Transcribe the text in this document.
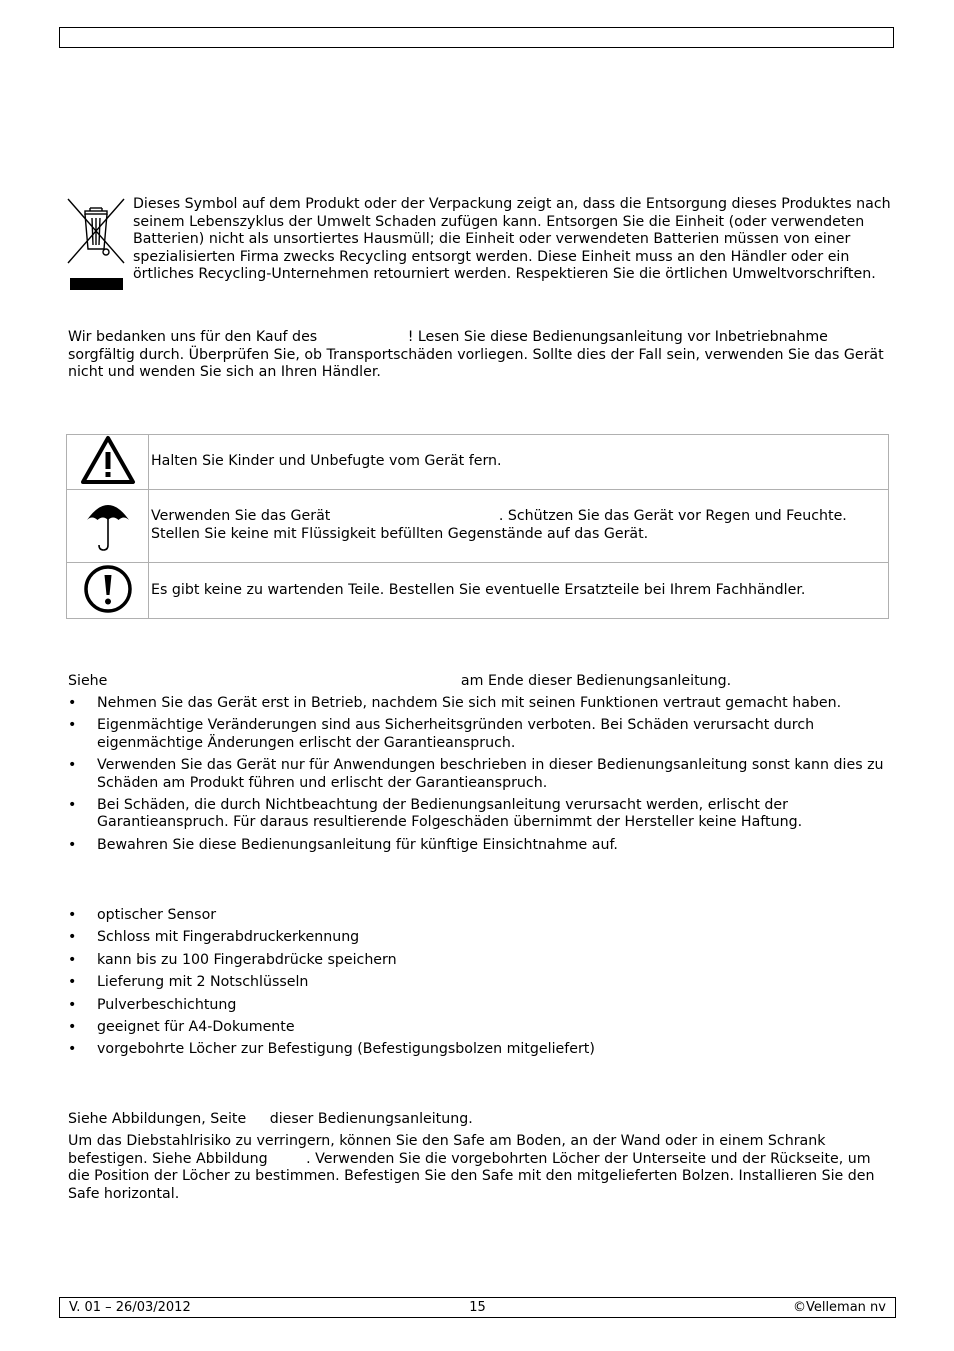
Dieses Symbol auf dem Produkt oder der Verpackung zeigt an, dass die Entsorgung dieses Produktes nach seinem Lebenszyklus der Umwelt Schaden zufügen kann. Entsorgen Sie die Einheit (oder verwendeten Batterien) nicht als unsortiertes Hausmüll; die Einheit oder verwendeten Batterien müssen von einer spezialisierten Firma zwecks Recycling entsorgt werden. Diese Einheit muss an den Händler oder ein örtliches Recycling-Unternehmen retourniert werden. Respektieren Sie die örtlichen Umweltvorschriften.

Wir bedanken uns für den Kauf des	! Lesen Sie diese Bedienungsanleitung vor Inbetriebnahme sorgfältig durch. Überprüfen Sie, ob Transportschäden vorliegen. Sollte dies der Fall sein, verwenden Sie das Gerät nicht und wenden Sie sich an Ihren Händler.

	Halten Sie Kinder und Unbefugte vom Gerät fern.
	Verwenden Sie das Gerät . Schützen Sie das Gerät vor Regen und Feuchte.
Stellen Sie keine mit Flüssigkeit befüllten Gegenstände auf das Gerät.
	Es gibt keine zu wartenden Teile. Bestellen Sie eventuelle Ersatzteile bei Ihrem Fachhändler.

Siehe	am Ende dieser Bedienungsanleitung.

• Nehmen Sie das Gerät erst in Betrieb, nachdem Sie sich mit seinen Funktionen vertraut gemacht haben.
• Eigenmächtige Veränderungen sind aus Sicherheitsgründen verboten. Bei Schäden verursacht durch eigenmächtige Änderungen erlischt der Garantieanspruch.
• Verwenden Sie das Gerät nur für Anwendungen beschrieben in dieser Bedienungsanleitung sonst kann dies zu Schäden am Produkt führen und erlischt der Garantieanspruch.
• Bei Schäden, die durch Nichtbeachtung der Bedienungsanleitung verursacht werden, erlischt der Garantieanspruch. Für daraus resultierende Folgeschäden übernimmt der Hersteller keine Haftung.
• Bewahren Sie diese Bedienungsanleitung für künftige Einsichtnahme auf.
• optischer Sensor
• Schloss mit Fingerabdruckerkennung
• kann bis zu 100 Fingerabdrücke speichern
• Lieferung mit 2 Notschlüsseln
• Pulverbeschichtung
• geeignet für A4-Dokumente
• vorgebohrte Löcher zur Befestigung (Befestigungsbolzen mitgeliefert)

Siehe Abbildungen, Seite dieser Bedienungsanleitung.

Um das Diebstahlrisiko zu verringern, können Sie den Safe am Boden, an der Wand oder in einem Schrank befestigen. Siehe Abbildung . Verwenden Sie die vorgebohrten Löcher der Unterseite und der Rückseite, um die Position der Löcher zu bestimmen. Befestigen Sie den Safe mit den mitgelieferten Bolzen. Installieren Sie den Safe horizontal.

V. 01 – 26/03/2012	15	©Velleman nv
